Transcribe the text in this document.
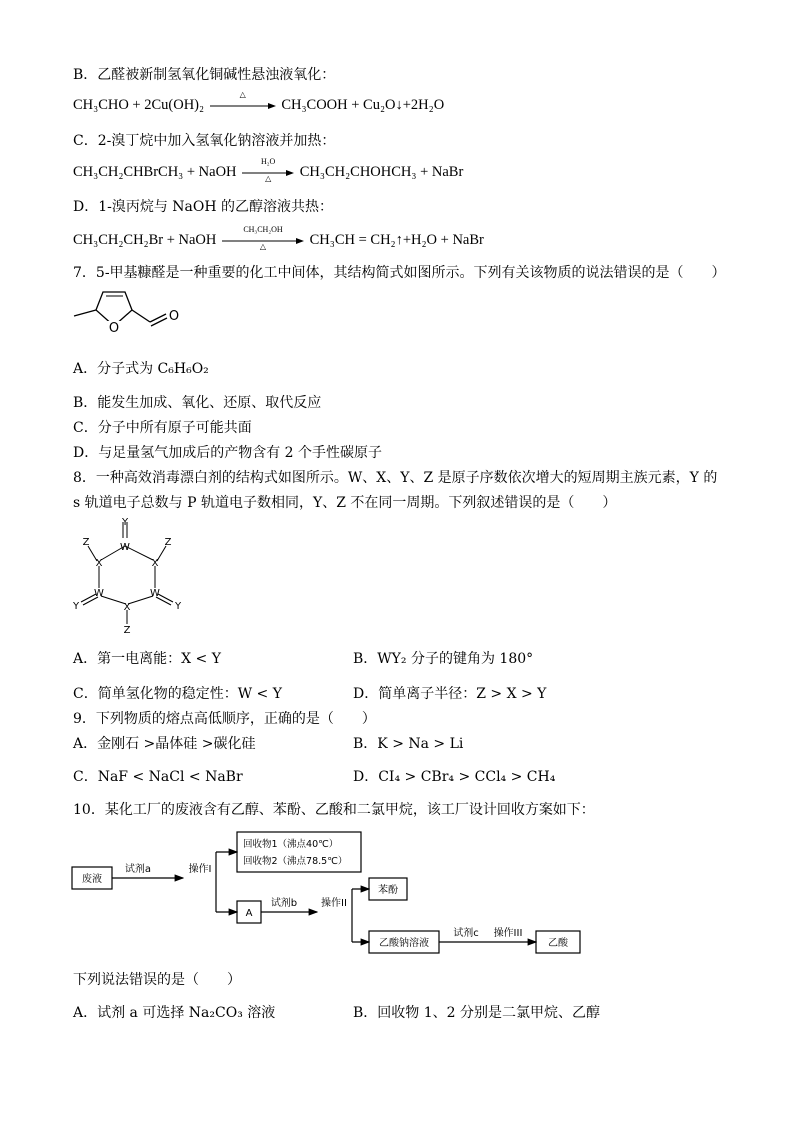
B．乙醛被新制氢氧化铜碱性悬浊液氧化：
CH₃CHO + 2Cu(OH)₂
△
CH₃COOH + Cu₂O↓+2H₂O
C．2-溴丁烷中加入氢氧化钠溶液并加热：
CH₃CH₂CHBrCH₃ + NaOH
H₂O
△	CH₃CH₂CHOHCH₃ + NaBr
D．1-溴丙烷与 NaOH 的乙醇溶液共热：
CH₃CH₂CH₂Br + NaOH
CH₃CH₂OH
△	CH₃CH = CH₂↑+H₂O + NaBr
7．5-甲基糠醛是一种重要的化工中间体，其结构简式如图所示。下列有关该物质的说法错误的是（　　）
O
O
A．分子式为 C₆H₆O₂
B．能发生加成、氧化、还原、取代反应
C．分子中所有原子可能共面
D．与足量氢气加成后的产物含有 2 个手性碳原子
8．一种高效消毒漂白剂的结构式如图所示。W、X、Y、Z 是原子序数依次增大的短周期主族元素，Y 的
s 轨道电子总数与 P 轨道电子数相同，Y、Z 不在同一周期。下列叙述错误的是（　　）
Y
W
X	X
Z	Z
W	W
Y	Y
X
Z
A．第一电离能：X < Y	B．WY₂ 分子的键角为 180°
C．简单氢化物的稳定性：W < Y	D．简单离子半径：Z > X > Y
9．下列物质的熔点高低顺序，正确的是（　　）
A．金刚石 >晶体硅 >碳化硅	B．K > Na > Li
C．NaF < NaCl < NaBr	D．CI₄ > CBr₄ > CCl₄ > CH₄
10．某化工厂的废液含有乙醇、苯酚、乙酸和二氯甲烷，该工厂设计回收方案如下：
废液
试剂a	操作I
回收物1（沸点40℃）
回收物2（沸点78.5℃）
A
试剂b 操作II
苯酚
乙酸钠溶液
试剂c 操作III
乙酸
下列说法错误的是（　　）
A．试剂 a 可选择 Na₂CO₃ 溶液	B．回收物 1、2 分别是二氯甲烷、乙醇
